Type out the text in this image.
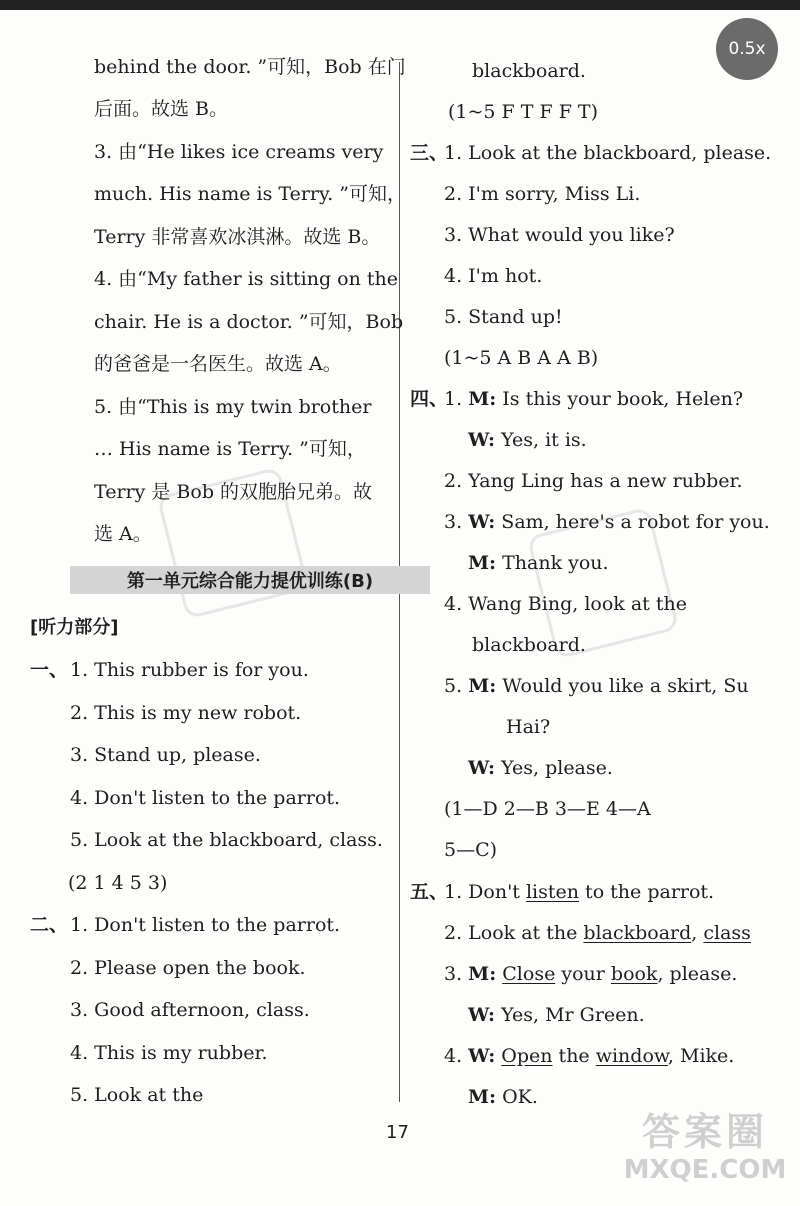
0.5x
behind the door. ”可知，Bob 在门
后面。故选 B。
3. 由“He likes ice creams very
much. His name is Terry. ”可知，
Terry 非常喜欢冰淇淋。故选 B。
4. 由“My father is sitting on the
chair. He is a doctor. ”可知，Bob
的爸爸是一名医生。故选 A。
5. 由“This is my twin brother
… His name is Terry. ”可知，
Terry 是 Bob 的双胞胎兄弟。故
选 A。
第一单元综合能力提优训练(B)
[听力部分]
一、 1. This rubber is for you.
2. This is my new robot.
3. Stand up, please.
4. Don't listen to the parrot.
5. Look at the blackboard, class.
(2 1 4 5 3)
二、 1. Don't listen to the parrot.
2. Please open the book.
3. Good afternoon, class.
4. This is my rubber.
5. Look at the
blackboard.
(1~5 F T F F T)
三、
1. Look at the blackboard, please.
2. I'm sorry, Miss Li.
3. What would you like?
4. I'm hot.
5. Stand up!
(1~5 A B A A B)
四、
1. M: Is this your book, Helen?
W: Yes, it is.
2. Yang Ling has a new rubber.
3. W: Sam, here's a robot for you.
M: Thank you.
4. Wang Bing, look at the
blackboard.
5. M: Would you like a skirt, Su
Hai?
W: Yes, please.
(1—D 2—B 3—E 4—A
5—C)
五、
1. Don't listen to the parrot.
2. Look at the blackboard, class
3. M: Close your book, please.
W: Yes, Mr Green.
4. W: Open the window, Mike.
M: OK.
17	答案圈
MXQE.COM
